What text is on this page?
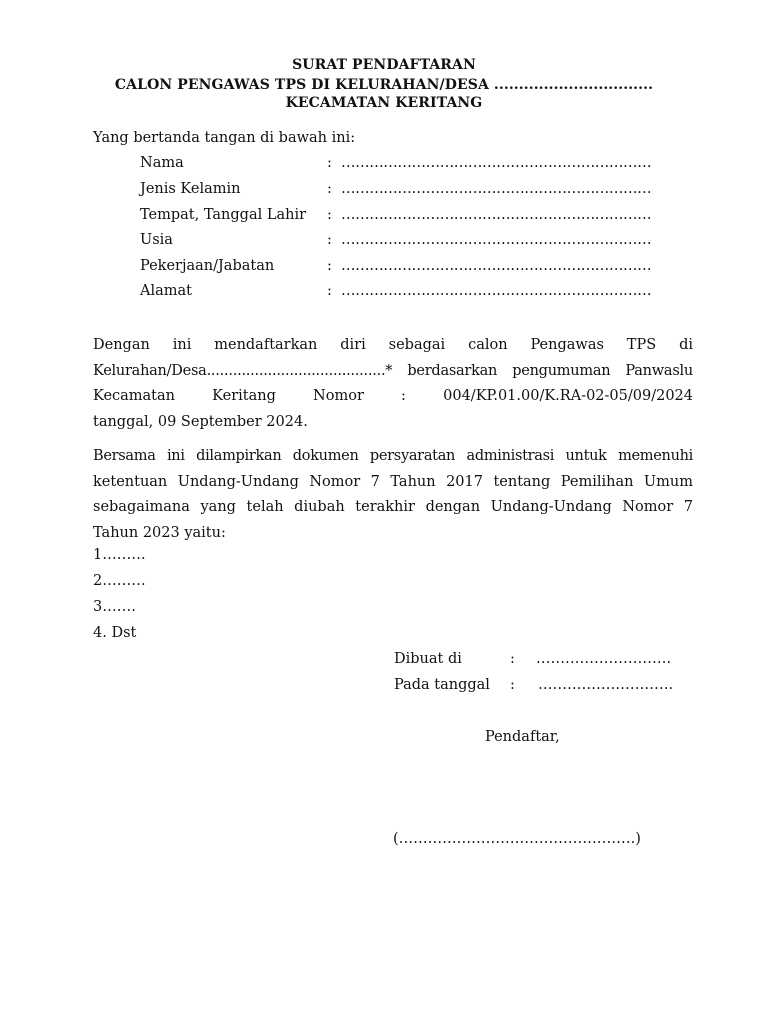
SURAT PENDAFTARAN
CALON PENGAWAS TPS DI KELURAHAN/DESA ................................
KECAMATAN KERITANG
Yang bertanda tangan di bawah ini:
Nama	: …………………………………………………………
Jenis Kelamin	: …………………………………………………………
Tempat, Tanggal Lahir : …………………………………………………………
Usia	: …………………………………………………………
Pekerjaan/Jabatan	: …………………………………………………………
Alamat	: …………………………………………………………
Dengan ini mendaftarkan diri sebagai calon Pengawas TPS di
Kelurahan/Desa.........................................* berdasarkan pengumuman Panwaslu
Kecamatan Keritang Nomor : 004/KP.01.00/K.RA-02-05/09/2024
tanggal, 09 September 2024.
Bersama ini dilampirkan dokumen persyaratan administrasi untuk memenuhi
ketentuan Undang-Undang Nomor 7 Tahun 2017 tentang Pemilihan Umum
sebagaimana yang telah diubah terakhir dengan Undang-Undang Nomor 7
Tahun 2023 yaitu:
1………
2………
3…….
4. Dst
Dibuat di	: ……………………….
Pada tanggal : ……………………….
Pendaftar,
(………………………………………….)
